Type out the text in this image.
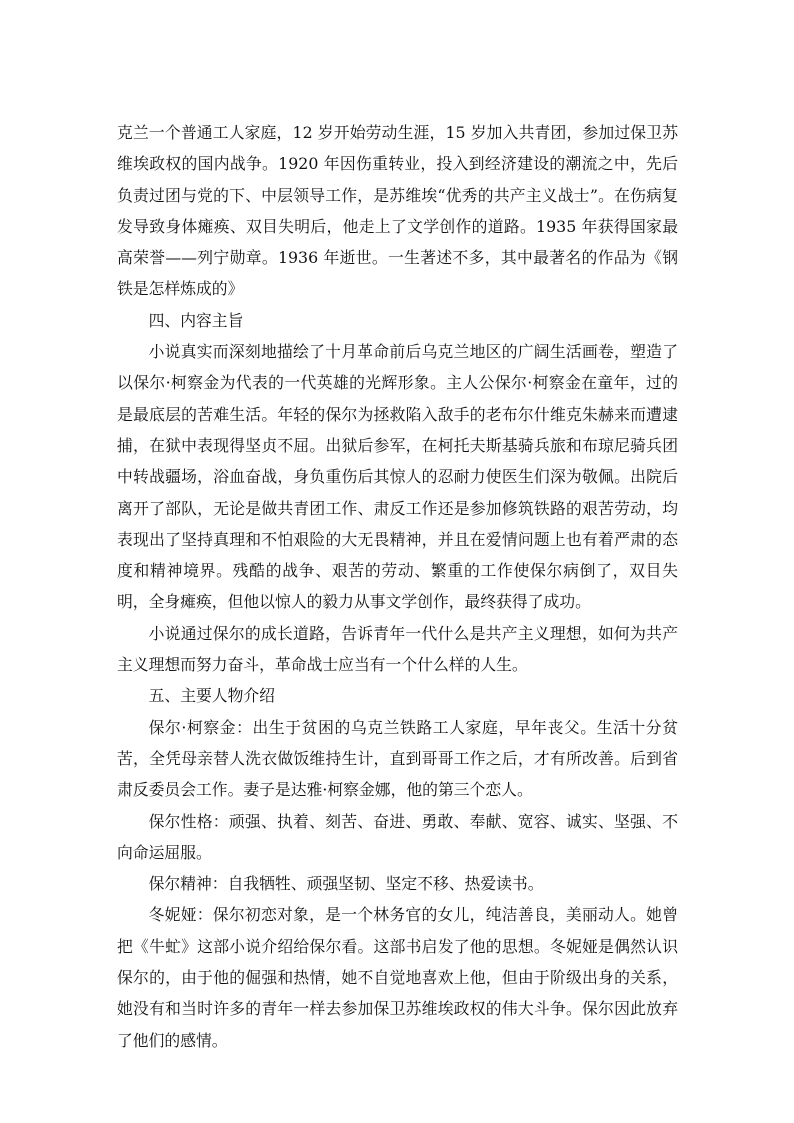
克兰一个普通工人家庭，12 岁开始劳动生涯，15 岁加入共青团，参加过保卫苏维埃政权的国内战争。1920 年因伤重转业，投入到经济建设的潮流之中，先后负责过团与党的下、中层领导工作，是苏维埃“优秀的共产主义战士”。在伤病复发导致身体瘫痪、双目失明后，他走上了文学创作的道路。1935 年获得国家最高荣誉——列宁勋章。1936 年逝世。一生著述不多，其中最著名的作品为《钢铁是怎样炼成的》

四、内容主旨

小说真实而深刻地描绘了十月革命前后乌克兰地区的广阔生活画卷，塑造了以保尔·柯察金为代表的一代英雄的光辉形象。主人公保尔·柯察金在童年，过的是最底层的苦难生活。年轻的保尔为拯救陷入敌手的老布尔什维克朱赫来而遭逮捕，在狱中表现得坚贞不屈。出狱后参军，在柯托夫斯基骑兵旅和布琼尼骑兵团中转战疆场，浴血奋战，身负重伤后其惊人的忍耐力使医生们深为敬佩。出院后离开了部队，无论是做共青团工作、肃反工作还是参加修筑铁路的艰苦劳动，均表现出了坚持真理和不怕艰险的大无畏精神，并且在爱情问题上也有着严肃的态度和精神境界。残酷的战争、艰苦的劳动、繁重的工作使保尔病倒了，双目失明，全身瘫痪，但他以惊人的毅力从事文学创作，最终获得了成功。

小说通过保尔的成长道路，告诉青年一代什么是共产主义理想，如何为共产主义理想而努力奋斗，革命战士应当有一个什么样的人生。

五、主要人物介绍

保尔·柯察金：出生于贫困的乌克兰铁路工人家庭，早年丧父。生活十分贫苦，全凭母亲替人洗衣做饭维持生计，直到哥哥工作之后，才有所改善。后到省肃反委员会工作。妻子是达雅·柯察金娜，他的第三个恋人。

保尔性格：顽强、执着、刻苦、奋进、勇敢、奉献、宽容、诚实、坚强、不向命运屈服。

保尔精神：自我牺牲、顽强坚韧、坚定不移、热爱读书。

冬妮娅：保尔初恋对象，是一个林务官的女儿，纯洁善良，美丽动人。她曾把《牛虻》这部小说介绍给保尔看。这部书启发了他的思想。冬妮娅是偶然认识保尔的，由于他的倔强和热情，她不自觉地喜欢上他，但由于阶级出身的关系，她没有和当时许多的青年一样去参加保卫苏维埃政权的伟大斗争。保尔因此放弃了他们的感情。
